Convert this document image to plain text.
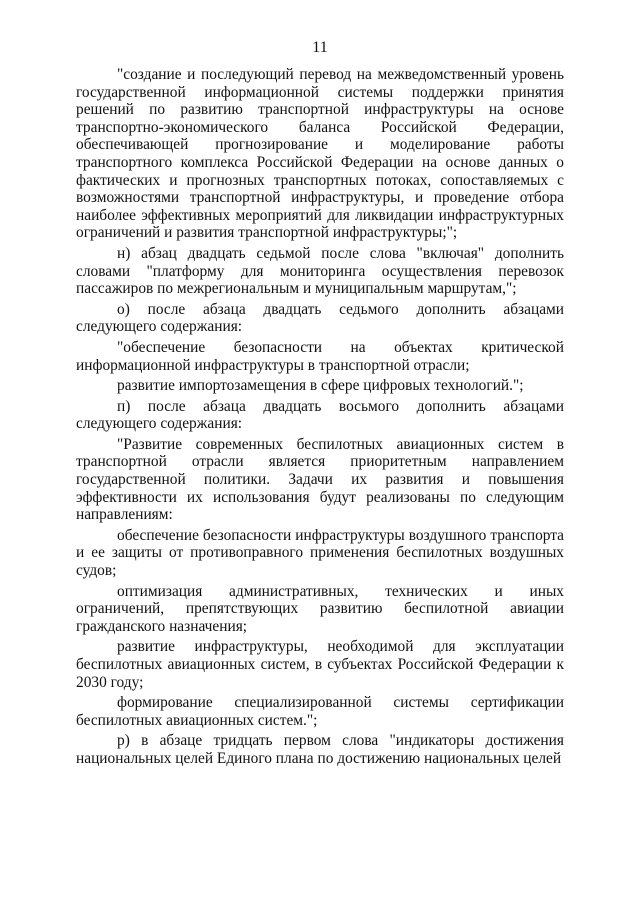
11

"создание и последующий перевод на межведомственный уровень государственной информационной системы поддержки принятия решений по развитию транспортной инфраструктуры на основе транспортно-экономического баланса Российской Федерации, обеспечивающей прогнозирование и моделирование работы транспортного комплекса Российской Федерации на основе данных о фактических и прогнозных транспортных потоках, сопоставляемых с возможностями транспортной инфраструктуры, и проведение отбора наиболее эффективных мероприятий для ликвидации инфраструктурных ограничений и развития транспортной инфраструктуры;";

н) абзац двадцать седьмой после слова "включая" дополнить словами "платформу для мониторинга осуществления перевозок пассажиров по межрегиональным и муниципальным маршрутам,";

о) после абзаца двадцать седьмого дополнить абзацами следующего содержания:

"обеспечение безопасности на объектах критической информационной инфраструктуры в транспортной отрасли;

развитие импортозамещения в сфере цифровых технологий.";

п) после абзаца двадцать восьмого дополнить абзацами следующего содержания:

"Развитие современных беспилотных авиационных систем в транспортной отрасли является приоритетным направлением государственной политики. Задачи их развития и повышения эффективности их использования будут реализованы по следующим направлениям:

обеспечение безопасности инфраструктуры воздушного транспорта и ее защиты от противоправного применения беспилотных воздушных судов;

оптимизация административных, технических и иных ограничений, препятствующих развитию беспилотной авиации гражданского назначения;

развитие инфраструктуры, необходимой для эксплуатации беспилотных авиационных систем, в субъектах Российской Федерации к 2030 году;

формирование специализированной системы сертификации беспилотных авиационных систем.";

р) в абзаце тридцать первом слова "индикаторы достижения национальных целей Единого плана по достижению национальных целей
